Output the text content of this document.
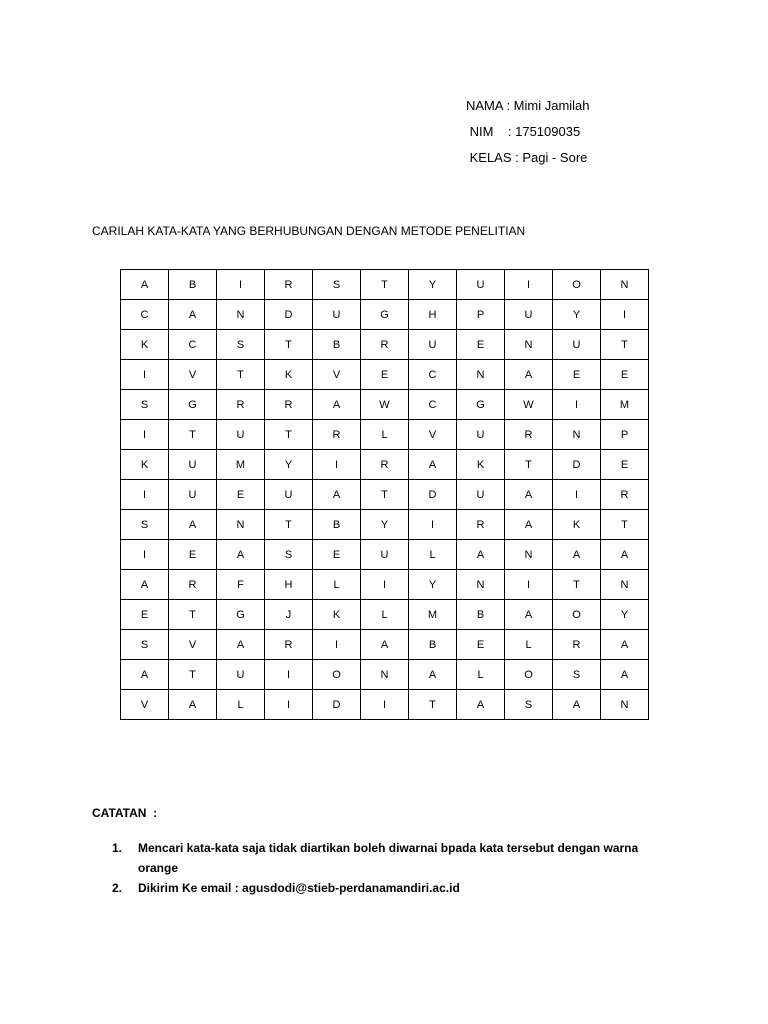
NAMA : Mimi Jamilah
NIM    : 175109035
KELAS : Pagi - Sore
CARILAH KATA-KATA YANG BERHUBUNGAN DENGAN METODE PENELITIAN
A	B	I	R	S	T	Y	U	I	O	N
C	A	N	D	U	G	H	P	U	Y	I
K	C	S	T	B	R	U	E	N	U	T
I	V	T	K	V	E	C	N	A	E	E
S	G	R	R	A	W	C	G	W	I	M
I	T	U	T	R	L	V	U	R	N	P
K	U	M	Y	I	R	A	K	T	D	E
I	U	E	U	A	T	D	U	A	I	R
S	A	N	T	B	Y	I	R	A	K	T
I	E	A	S	E	U	L	A	N	A	A
A	R	F	H	L	I	Y	N	I	T	N
E	T	G	J	K	L	M	B	A	O	Y
S	V	A	R	I	A	B	E	L	R	A
A	T	U	I	O	N	A	L	O	S	A
V	A	L	I	D	I	T	A	S	A	N
CATATAN  :
1. Mencari kata-kata saja tidak diartikan boleh diwarnai bpada kata tersebut dengan warna orange
2. Dikirim Ke email : agusdodi@stieb-perdanamandiri.ac.id
